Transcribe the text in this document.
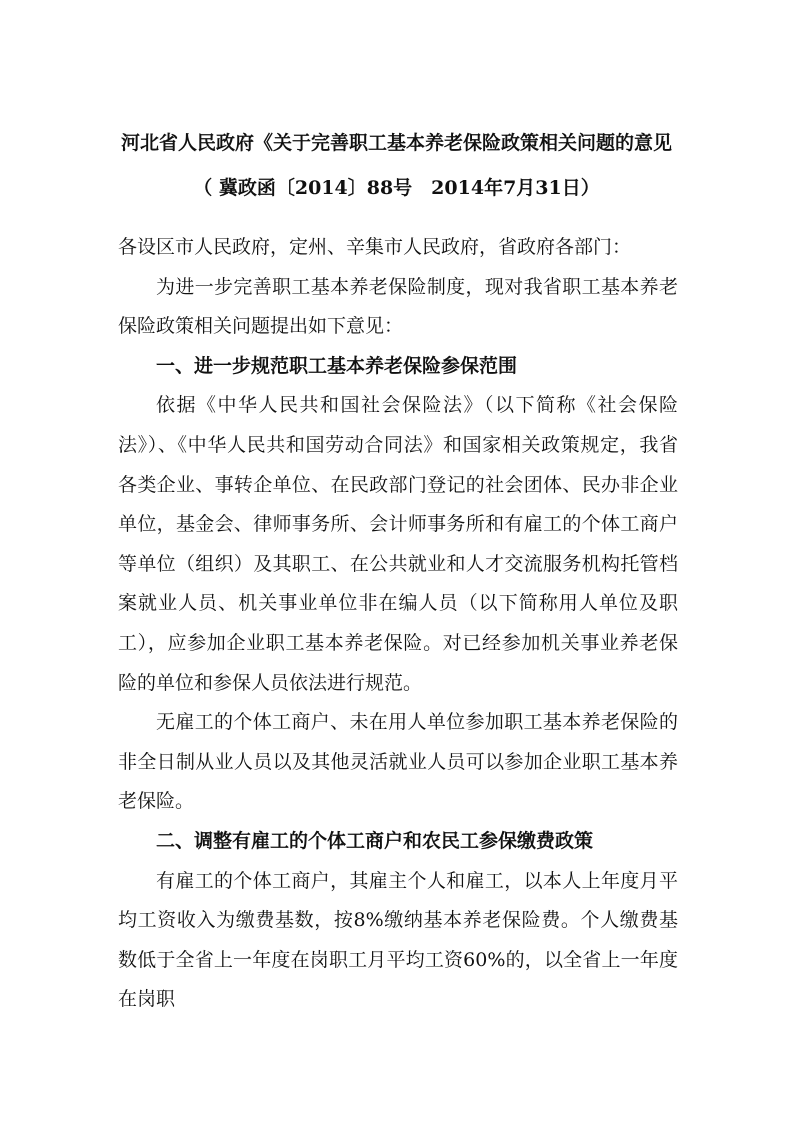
河北省人民政府《关于完善职工基本养老保险政策相关问题的意见
（ 冀政函〔2014〕88号　2014年7月31日）

各设区市人民政府，定州、辛集市人民政府，省政府各部门：

为进一步完善职工基本养老保险制度，现对我省职工基本养老保险政策相关问题提出如下意见：

一、进一步规范职工基本养老保险参保范围

依据《中华人民共和国社会保险法》（以下简称《社会保险法》）、《中华人民共和国劳动合同法》和国家相关政策规定，我省各类企业、事转企单位、在民政部门登记的社会团体、民办非企业单位，基金会、律师事务所、会计师事务所和有雇工的个体工商户等单位（组织）及其职工、在公共就业和人才交流服务机构托管档案就业人员、机关事业单位非在编人员（以下简称用人单位及职工），应参加企业职工基本养老保险。对已经参加机关事业养老保险的单位和参保人员依法进行规范。

无雇工的个体工商户、未在用人单位参加职工基本养老保险的非全日制从业人员以及其他灵活就业人员可以参加企业职工基本养老保险。

二、调整有雇工的个体工商户和农民工参保缴费政策

有雇工的个体工商户，其雇主个人和雇工，以本人上年度月平均工资收入为缴费基数，按8%缴纳基本养老保险费。个人缴费基数低于全省上一年度在岗职工月平均工资60%的，以全省上一年度在岗职
